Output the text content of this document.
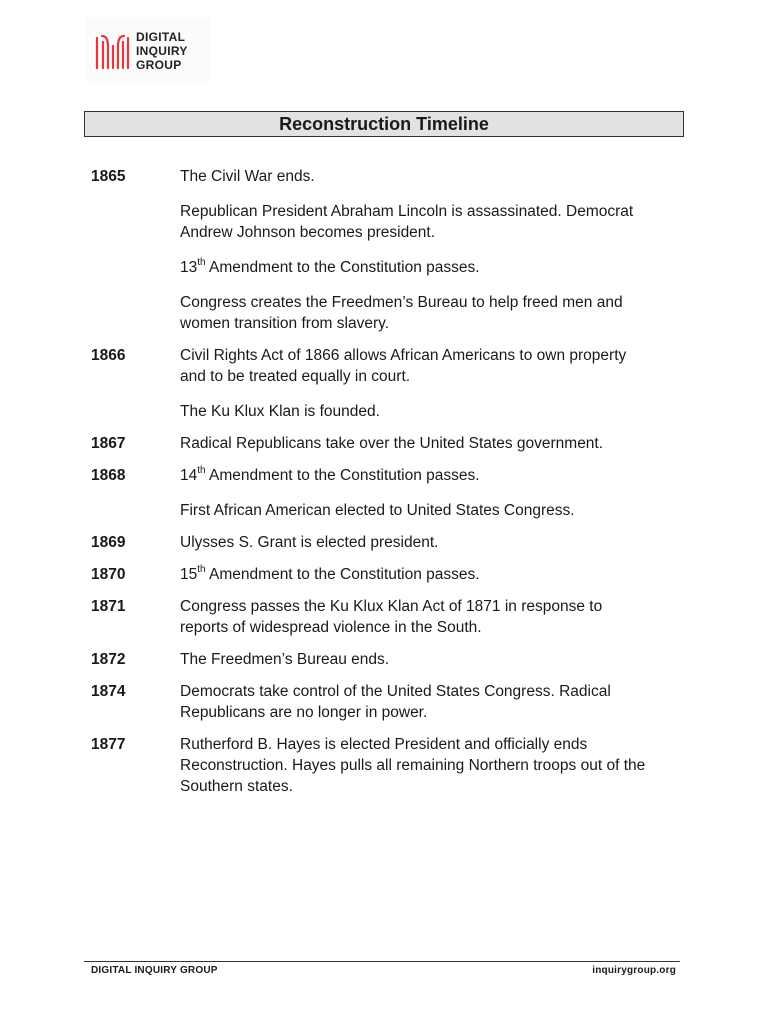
DIGITAL
INQUIRY
GROUP
Reconstruction Timeline
1865	The Civil War ends.
Republican President Abraham Lincoln is assassinated. Democrat Andrew Johnson becomes president.
13th Amendment to the Constitution passes.
Congress creates the Freedmen’s Bureau to help freed men and women transition from slavery.
1866	Civil Rights Act of 1866 allows African Americans to own property and to be treated equally in court.
The Ku Klux Klan is founded.
1867	Radical Republicans take over the United States government.
1868	14th Amendment to the Constitution passes.
First African American elected to United States Congress.
1869	Ulysses S. Grant is elected president.
1870	15th Amendment to the Constitution passes.
1871	Congress passes the Ku Klux Klan Act of 1871 in response to reports of widespread violence in the South.
1872	The Freedmen’s Bureau ends.
1874	Democrats take control of the United States Congress. Radical Republicans are no longer in power.
1877	Rutherford B. Hayes is elected President and officially ends Reconstruction. Hayes pulls all remaining Northern troops out of the Southern states.
DIGITAL INQUIRY GROUP	inquirygroup.org
